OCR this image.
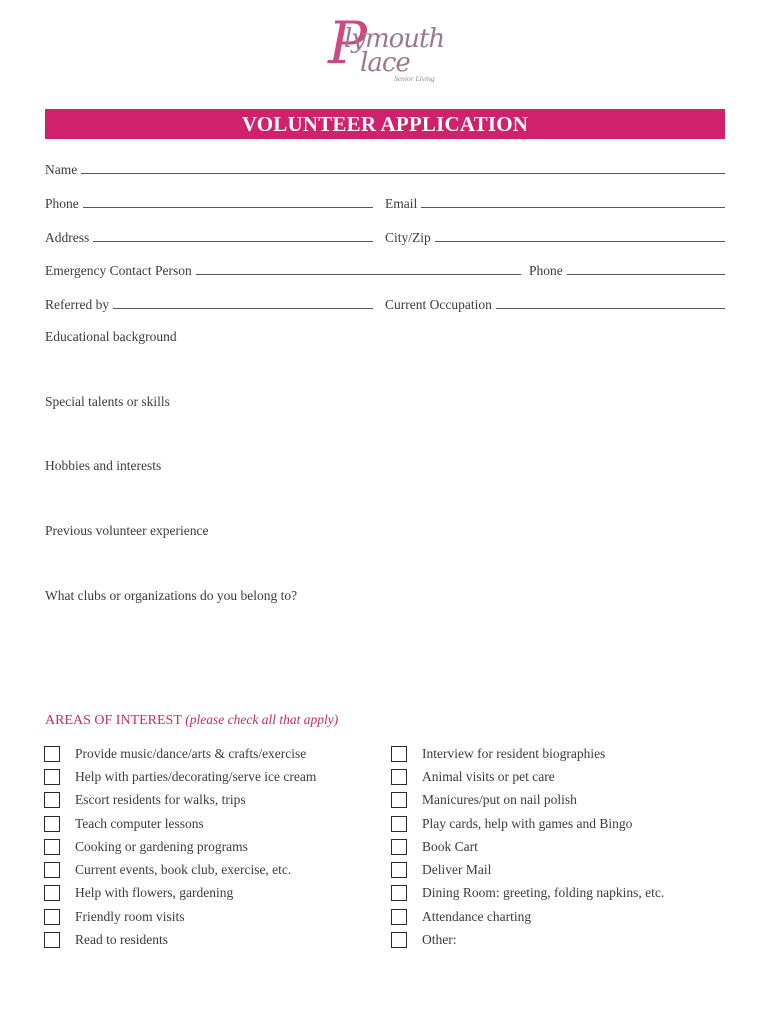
P
lymouth
lace
Senior Living
VOLUNTEER APPLICATION
Name
Phone	Email
Address	City/Zip
Emergency Contact Person	Phone
Referred by	Current Occupation
Educational background
Special talents or skills
Hobbies and interests
Previous volunteer experience
What clubs or organizations do you belong to?
AREAS OF INTEREST (please check all that apply)
Provide music/dance/arts & crafts/exercise
Help with parties/decorating/serve ice cream
Escort residents for walks, trips
Teach computer lessons
Cooking or gardening programs
Current events, book club, exercise, etc.
Help with flowers, gardening
Friendly room visits
Read to residents
Interview for resident biographies
Animal visits or pet care
Manicures/put on nail polish
Play cards, help with games and Bingo
Book Cart
Deliver Mail
Dining Room: greeting, folding napkins, etc.
Attendance charting
Other:
